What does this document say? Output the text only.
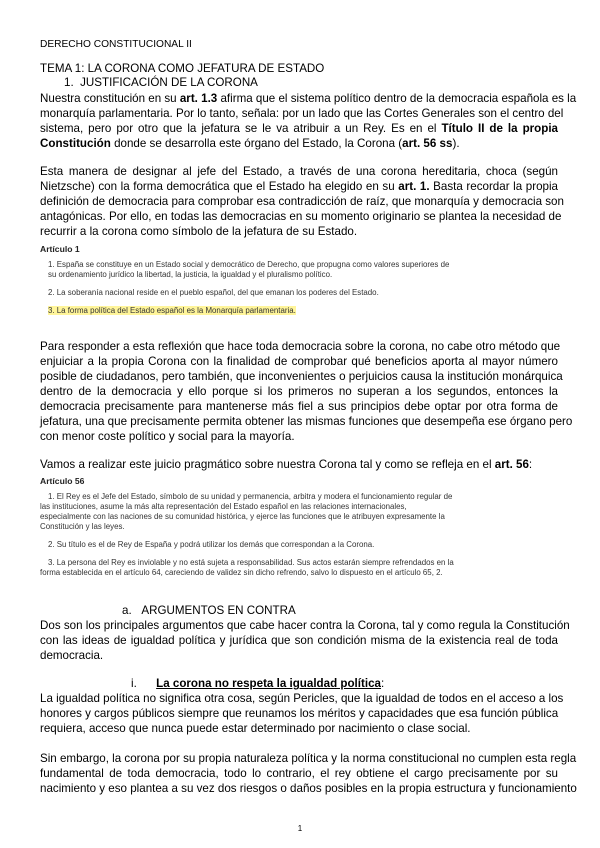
DERECHO CONSTITUCIONAL II
TEMA 1: LA CORONA COMO JEFATURA DE ESTADO
1. JUSTIFICACIÓN DE LA CORONA
Nuestra constitución en su art. 1.3 afirma que el sistema político dentro de la democracia española es la
monarquía parlamentaria. Por lo tanto, señala: por un lado que las Cortes Generales son el centro del
sistema, pero por otro que la jefatura se le va atribuir a un Rey. Es en el Título II de la propia
Constitución donde se desarrolla este órgano del Estado, la Corona (art. 56 ss).
Esta manera de designar al jefe del Estado, a través de una corona hereditaria, choca (según
Nietzsche) con la forma democrática que el Estado ha elegido en su art. 1. Basta recordar la propia
definición de democracia para comprobar esa contradicción de raíz, que monarquía y democracia son
antagónicas. Por ello, en todas las democracias en su momento originario se plantea la necesidad de
recurrir a la corona como símbolo de la jefatura de su Estado.
Artículo 1
1. España se constituye en un Estado social y democrático de Derecho, que propugna como valores superiores de
su ordenamiento jurídico la libertad, la justicia, la igualdad y el pluralismo político.
2. La soberanía nacional reside en el pueblo español, del que emanan los poderes del Estado.
3. La forma política del Estado español es la Monarquía parlamentaria.
Para responder a esta reflexión que hace toda democracia sobre la corona, no cabe otro método que
enjuiciar a la propia Corona con la finalidad de comprobar qué beneficios aporta al mayor número
posible de ciudadanos, pero también, que inconvenientes o perjuicios causa la institución monárquica
dentro de la democracia y ello porque si los primeros no superan a los segundos, entonces la
democracia precisamente para mantenerse más fiel a sus principios debe optar por otra forma de
jefatura, una que precisamente permita obtener las mismas funciones que desempeña ese órgano pero
con menor coste político y social para la mayoría.
Vamos a realizar este juicio pragmático sobre nuestra Corona tal y como se refleja en el art. 56:
Artículo 56
1. El Rey es el Jefe del Estado, símbolo de su unidad y permanencia, arbitra y modera el funcionamiento regular de
las instituciones, asume la más alta representación del Estado español en las relaciones internacionales,
especialmente con las naciones de su comunidad histórica, y ejerce las funciones que le atribuyen expresamente la
Constitución y las leyes.
2. Su título es el de Rey de España y podrá utilizar los demás que correspondan a la Corona.
3. La persona del Rey es inviolable y no está sujeta a responsabilidad. Sus actos estarán siempre refrendados en la
forma establecida en el artículo 64, careciendo de validez sin dicho refrendo, salvo lo dispuesto en el artículo 65, 2.
a. ARGUMENTOS EN CONTRA
Dos son los principales argumentos que cabe hacer contra la Corona, tal y como regula la Constitución
con las ideas de igualdad política y jurídica que son condición misma de la existencia real de toda
democracia.
i. La corona no respeta la igualdad política:
La igualdad política no significa otra cosa, según Pericles, que la igualdad de todos en el acceso a los
honores y cargos públicos siempre que reunamos los méritos y capacidades que esa función pública
requiera, acceso que nunca puede estar determinado por nacimiento o clase social.
Sin embargo, la corona por su propia naturaleza política y la norma constitucional no cumplen esta regla
fundamental de toda democracia, todo lo contrario, el rey obtiene el cargo precisamente por su
nacimiento y eso plantea a su vez dos riesgos o daños posibles en la propia estructura y funcionamiento
1
